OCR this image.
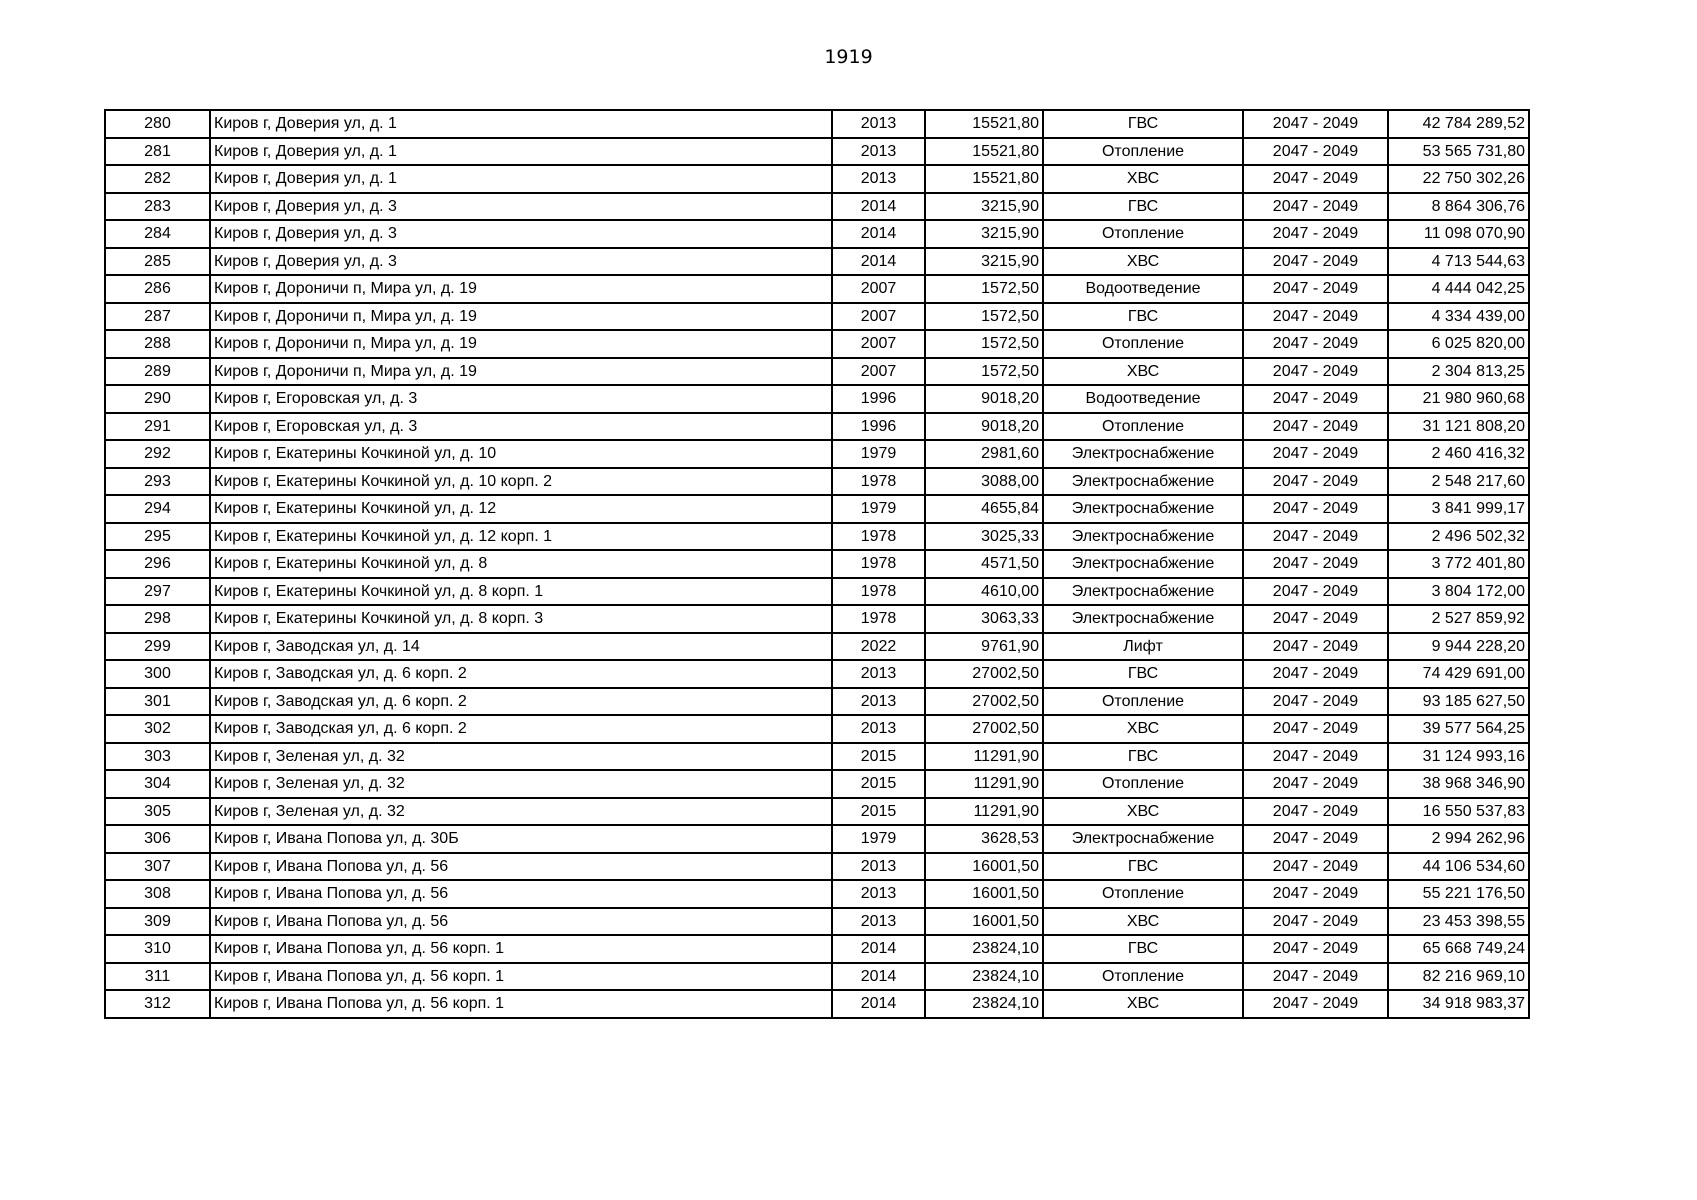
1919
280	Киров г, Доверия ул, д. 1	2013	15521,80	ГВС	2047 - 2049	42 784 289,52
281	Киров г, Доверия ул, д. 1	2013	15521,80	Отопление	2047 - 2049	53 565 731,80
282	Киров г, Доверия ул, д. 1	2013	15521,80	ХВС	2047 - 2049	22 750 302,26
283	Киров г, Доверия ул, д. 3	2014	3215,90	ГВС	2047 - 2049	8 864 306,76
284	Киров г, Доверия ул, д. 3	2014	3215,90	Отопление	2047 - 2049	11 098 070,90
285	Киров г, Доверия ул, д. 3	2014	3215,90	ХВС	2047 - 2049	4 713 544,63
286	Киров г, Дороничи п, Мира ул, д. 19	2007	1572,50	Водоотведение	2047 - 2049	4 444 042,25
287	Киров г, Дороничи п, Мира ул, д. 19	2007	1572,50	ГВС	2047 - 2049	4 334 439,00
288	Киров г, Дороничи п, Мира ул, д. 19	2007	1572,50	Отопление	2047 - 2049	6 025 820,00
289	Киров г, Дороничи п, Мира ул, д. 19	2007	1572,50	ХВС	2047 - 2049	2 304 813,25
290	Киров г, Егоровская ул, д. 3	1996	9018,20	Водоотведение	2047 - 2049	21 980 960,68
291	Киров г, Егоровская ул, д. 3	1996	9018,20	Отопление	2047 - 2049	31 121 808,20
292	Киров г, Екатерины Кочкиной ул, д. 10	1979	2981,60	Электроснабжение	2047 - 2049	2 460 416,32
293	Киров г, Екатерины Кочкиной ул, д. 10 корп. 2	1978	3088,00	Электроснабжение	2047 - 2049	2 548 217,60
294	Киров г, Екатерины Кочкиной ул, д. 12	1979	4655,84	Электроснабжение	2047 - 2049	3 841 999,17
295	Киров г, Екатерины Кочкиной ул, д. 12 корп. 1	1978	3025,33	Электроснабжение	2047 - 2049	2 496 502,32
296	Киров г, Екатерины Кочкиной ул, д. 8	1978	4571,50	Электроснабжение	2047 - 2049	3 772 401,80
297	Киров г, Екатерины Кочкиной ул, д. 8 корп. 1	1978	4610,00	Электроснабжение	2047 - 2049	3 804 172,00
298	Киров г, Екатерины Кочкиной ул, д. 8 корп. 3	1978	3063,33	Электроснабжение	2047 - 2049	2 527 859,92
299	Киров г, Заводская ул, д. 14	2022	9761,90	Лифт	2047 - 2049	9 944 228,20
300	Киров г, Заводская ул, д. 6 корп. 2	2013	27002,50	ГВС	2047 - 2049	74 429 691,00
301	Киров г, Заводская ул, д. 6 корп. 2	2013	27002,50	Отопление	2047 - 2049	93 185 627,50
302	Киров г, Заводская ул, д. 6 корп. 2	2013	27002,50	ХВС	2047 - 2049	39 577 564,25
303	Киров г, Зеленая ул, д. 32	2015	11291,90	ГВС	2047 - 2049	31 124 993,16
304	Киров г, Зеленая ул, д. 32	2015	11291,90	Отопление	2047 - 2049	38 968 346,90
305	Киров г, Зеленая ул, д. 32	2015	11291,90	ХВС	2047 - 2049	16 550 537,83
306	Киров г, Ивана Попова ул, д. 30Б	1979	3628,53	Электроснабжение	2047 - 2049	2 994 262,96
307	Киров г, Ивана Попова ул, д. 56	2013	16001,50	ГВС	2047 - 2049	44 106 534,60
308	Киров г, Ивана Попова ул, д. 56	2013	16001,50	Отопление	2047 - 2049	55 221 176,50
309	Киров г, Ивана Попова ул, д. 56	2013	16001,50	ХВС	2047 - 2049	23 453 398,55
310	Киров г, Ивана Попова ул, д. 56 корп. 1	2014	23824,10	ГВС	2047 - 2049	65 668 749,24
311	Киров г, Ивана Попова ул, д. 56 корп. 1	2014	23824,10	Отопление	2047 - 2049	82 216 969,10
312	Киров г, Ивана Попова ул, д. 56 корп. 1	2014	23824,10	ХВС	2047 - 2049	34 918 983,37
